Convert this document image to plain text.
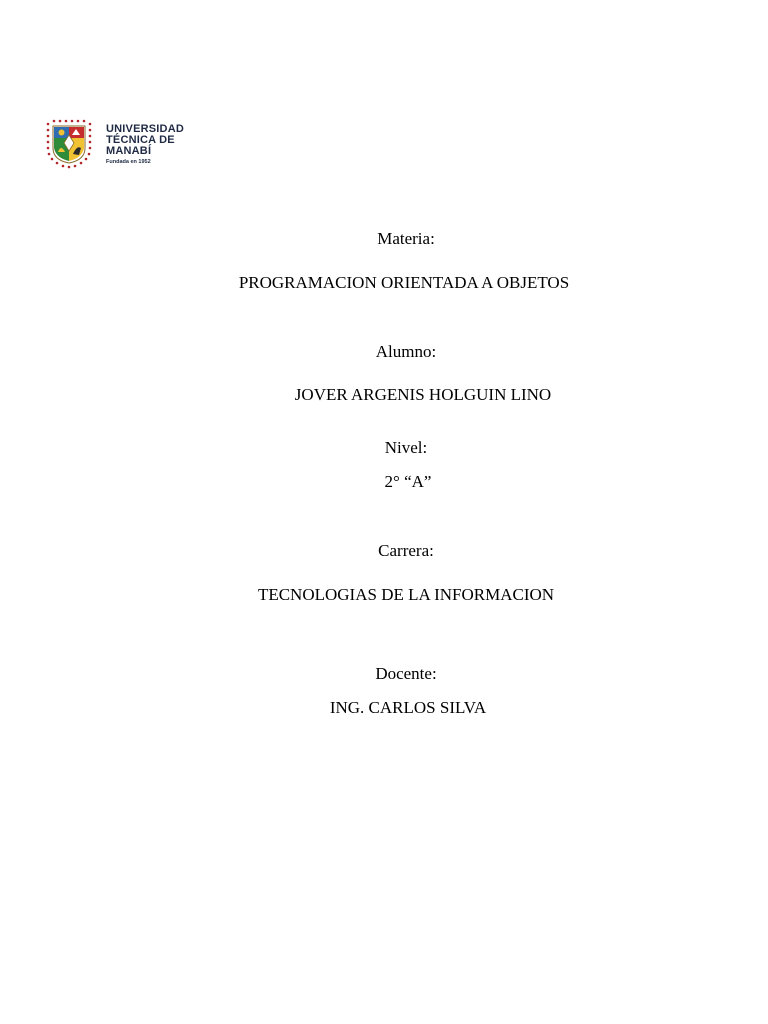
UNIVERSIDAD
TÉCNICA DE
MANABÍ
Fundada en 1952
Materia:
PROGRAMACION ORIENTADA A OBJETOS
Alumno:
JOVER ARGENIS HOLGUIN LINO
Nivel:
2° “A”
Carrera:
TECNOLOGIAS DE LA INFORMACION
Docente:
ING. CARLOS SILVA
